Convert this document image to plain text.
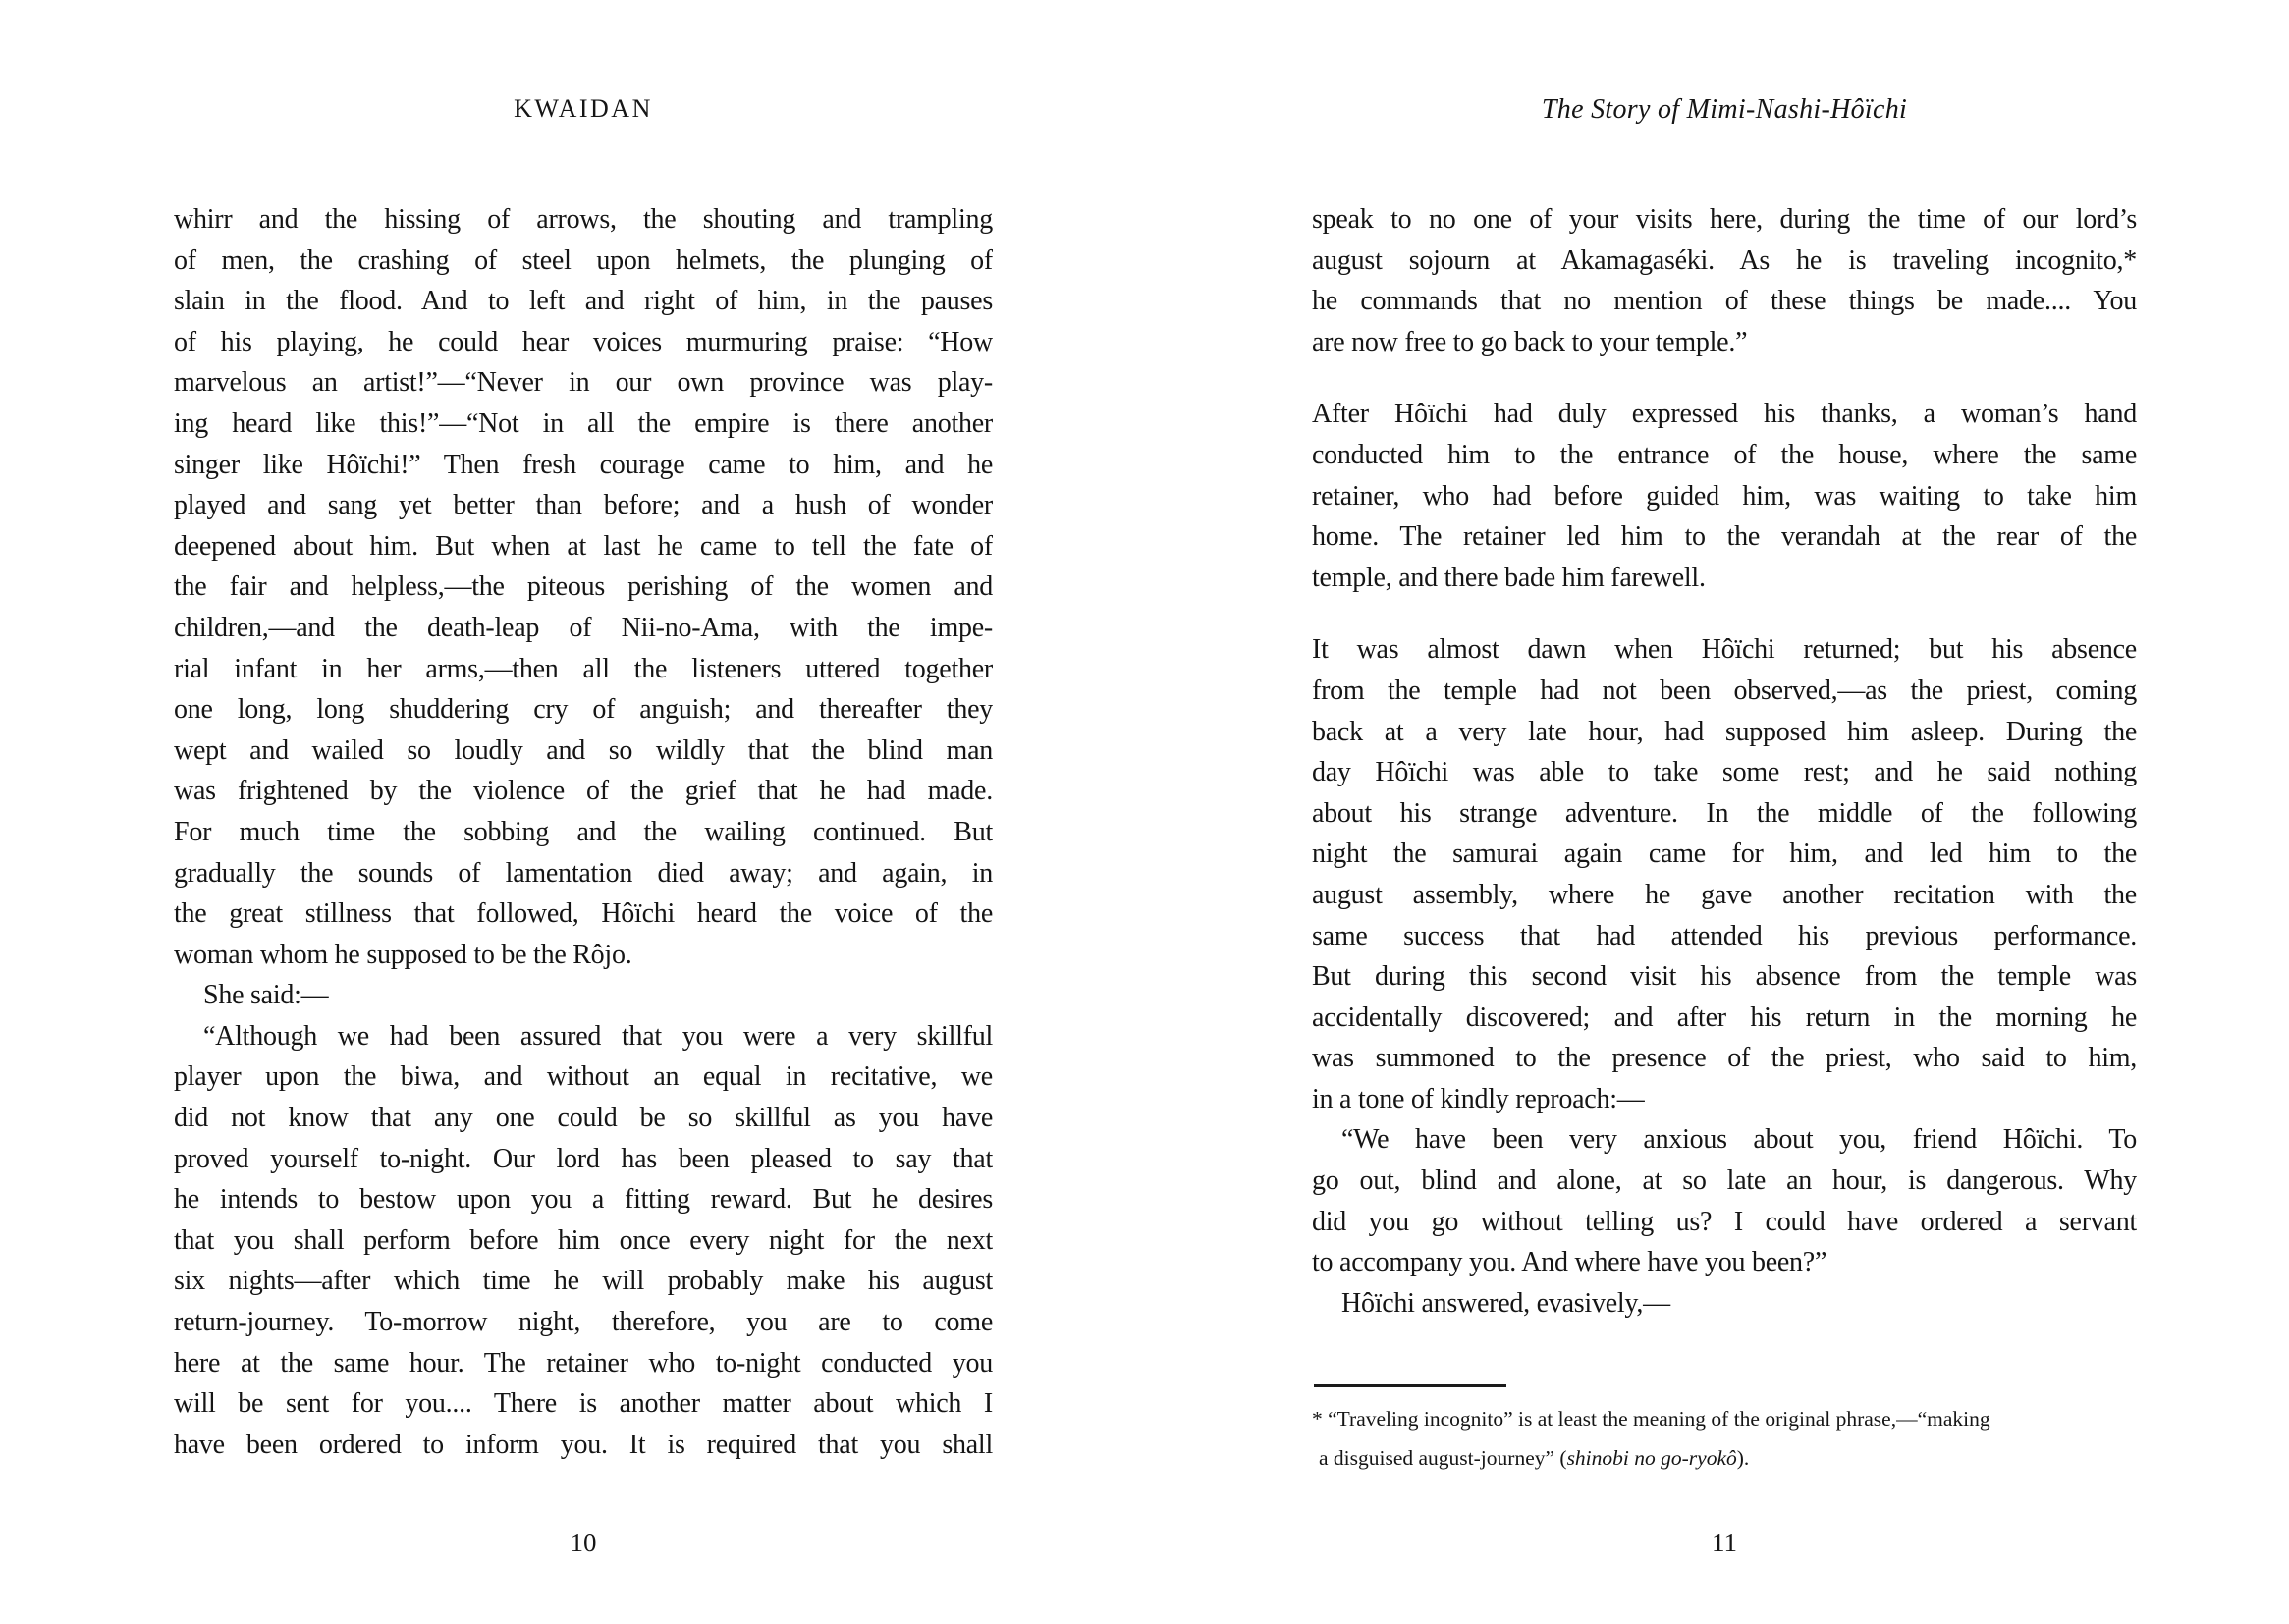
KWAIDAN
whirr and the hissing of arrows, the shouting and trampling
of men, the crashing of steel upon helmets, the plunging of
slain in the flood. And to left and right of him, in the pauses
of his playing, he could hear voices murmuring praise: “How
marvelous an artist!”—“Never in our own province was play-
ing heard like this!”—“Not in all the empire is there another
singer like Hôïchi!” Then fresh courage came to him, and he
played and sang yet better than before; and a hush of wonder
deepened about him. But when at last he came to tell the fate of
the fair and helpless,—the piteous perishing of the women and
children,—and the death-leap of Nii-no-Ama, with the impe-
rial infant in her arms,—then all the listeners uttered together
one long, long shuddering cry of anguish; and thereafter they
wept and wailed so loudly and so wildly that the blind man
was frightened by the violence of the grief that he had made.
For much time the sobbing and the wailing continued. But
gradually the sounds of lamentation died away; and again, in
the great stillness that followed, Hôïchi heard the voice of the
woman whom he supposed to be the Rôjo.
She said:—
“Although we had been assured that you were a very skillful
player upon the biwa, and without an equal in recitative, we
did not know that any one could be so skillful as you have
proved yourself to-night. Our lord has been pleased to say that
he intends to bestow upon you a fitting reward. But he desires
that you shall perform before him once every night for the next
six nights—after which time he will probably make his august
return-journey. To-morrow night, therefore, you are to come
here at the same hour. The retainer who to-night conducted you
will be sent for you.... There is another matter about which I
have been ordered to inform you. It is required that you shall
10
The Story of Mimi-Nashi-Hôïchi
speak to no one of your visits here, during the time of our lord’s
august sojourn at Akamagaséki. As he is traveling incognito,*
he commands that no mention of these things be made.... You
are now free to go back to your temple.”
After Hôïchi had duly expressed his thanks, a woman’s hand
conducted him to the entrance of the house, where the same
retainer, who had before guided him, was waiting to take him
home. The retainer led him to the verandah at the rear of the
temple, and there bade him farewell.
It was almost dawn when Hôïchi returned; but his absence
from the temple had not been observed,—as the priest, coming
back at a very late hour, had supposed him asleep. During the
day Hôïchi was able to take some rest; and he said nothing
about his strange adventure. In the middle of the following
night the samurai again came for him, and led him to the
august assembly, where he gave another recitation with the
same success that had attended his previous performance.
But during this second visit his absence from the temple was
accidentally discovered; and after his return in the morning he
was summoned to the presence of the priest, who said to him,
in a tone of kindly reproach:—
“We have been very anxious about you, friend Hôïchi. To
go out, blind and alone, at so late an hour, is dangerous. Why
did you go without telling us? I could have ordered a servant
to accompany you. And where have you been?”
Hôïchi answered, evasively,—
* “Traveling incognito” is at least the meaning of the original phrase,—“making
a disguised august-journey” (shinobi no go-ryokô).
11
